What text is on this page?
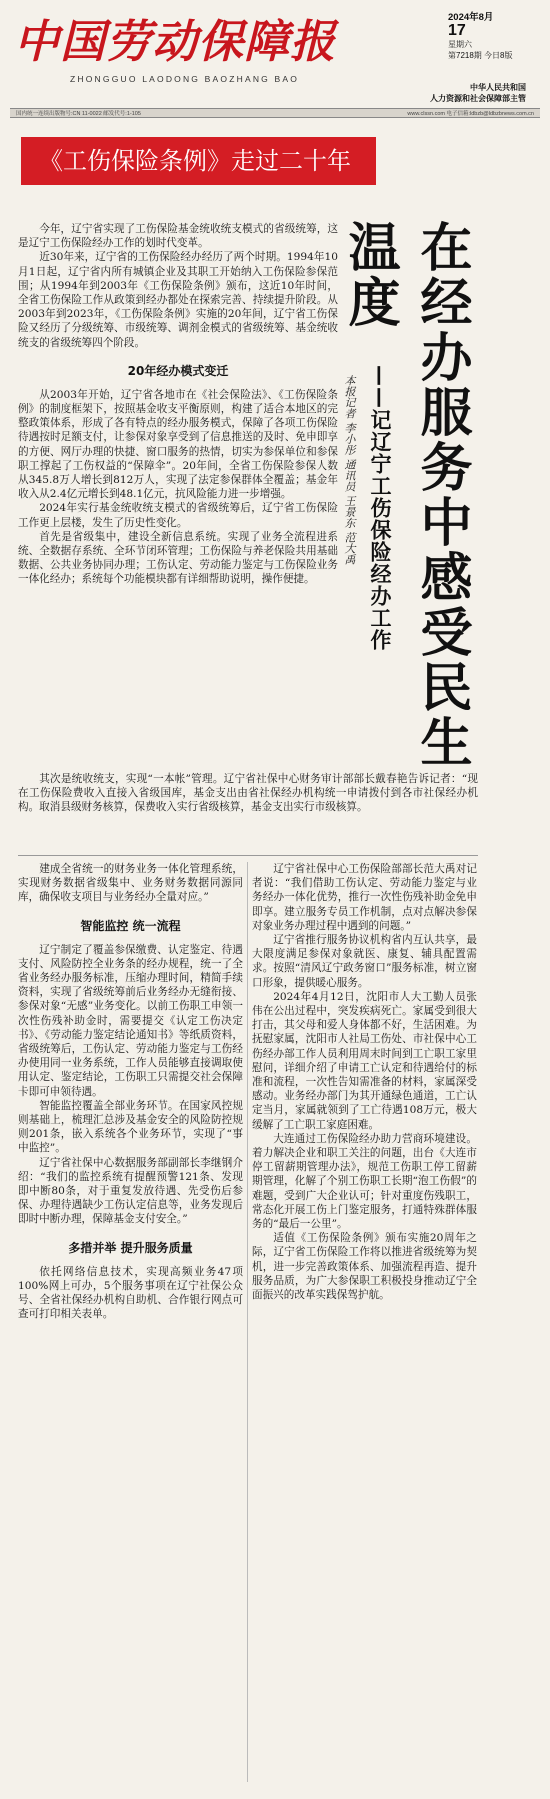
中国劳动保障报
ZHONGGUO LAODONG BAOZHANG BAO
2024年8月
17
星期六
第7218期 今日8版
中华人民共和国
人力资源和社会保障部主管
国内统一连续出版物号:CN 11-0022 邮发代号:1-105	www.clssn.com 电子信箱:ldbzb@ldbzbnews.com.cn
《工伤保险条例》走过二十年
在经办服务中感受民生温度
——记辽宁工伤保险经办工作
本报记者 李小彤 通讯员 王景东 范大禹

今年，辽宁省实现了工伤保险基金统收统支模式的省级统筹，这是辽宁工伤保险经办工作的划时代变革。

近30年来，辽宁省的工伤保险经办经历了两个时期。1994年10月1日起，辽宁省内所有城镇企业及其职工开始纳入工伤保险参保范围；从1994年到2003年《工伤保险条例》颁布，这近10年时间，全省工伤保险工作从政策到经办都处在探索完善、持续提升阶段。从2003年到2023年，《工伤保险条例》实施的20年间，辽宁省工伤保险又经历了分级统筹、市级统筹、调剂金模式的省级统筹、基金统收统支的省级统筹四个阶段。

20年经办模式变迁

从2003年开始，辽宁省各地市在《社会保险法》、《工伤保险条例》的制度框架下，按照基金收支平衡原则，构建了适合本地区的完整政策体系，形成了各有特点的经办服务模式，保障了各项工伤保险待遇按时足额支付，让参保对象享受到了信息推送的及时、免申即享的方便、网厅办理的快捷、窗口服务的热情，切实为参保单位和参保职工撑起了工伤权益的“保障伞”。20年间，全省工伤保险参保人数从345.8万人增长到812万人，实现了法定参保群体全覆盖；基金年收入从2.4亿元增长到48.1亿元，抗风险能力进一步增强。

2024年实行基金统收统支模式的省级统筹后，辽宁省工伤保险工作更上层楼，发生了历史性变化。

首先是省级集中，建设全新信息系统。实现了业务全流程进系统、全数据存系统、全环节闭环管理；工伤保险与养老保险共用基础数据、公共业务协同办理；工伤认定、劳动能力鉴定与工伤保险业务一体化经办；系统每个功能模块都有详细帮助说明，操作便捷。

其次是统收统支，实现“一本帐”管理。辽宁省社保中心财务审计部部长戴春艳告诉记者：“现在工伤保险费收入直接入省级国库，基金支出由省社保经办机构统一申请拨付到各市社保经办机构。取消县级财务核算，保费收入实行省级核算，基金支出实行市级核算。

建成全省统一的财务业务一体化管理系统，实现财务数据省级集中、业务财务数据同源同库，确保收支项目与业务经办全量对应。”

智能监控 统一流程

辽宁制定了覆盖参保缴费、认定鉴定、待遇支付、风险防控全业务条的经办规程，统一了全省业务经办服务标准，压缩办理时间，精简手续资料，实现了省级统筹前后业务经办无缝衔接、参保对象“无感”业务变化。以前工伤职工申领一次性伤残补助金时，需要提交《认定工伤决定书》、《劳动能力鉴定结论通知书》等纸质资料，省级统筹后，工伤认定、劳动能力鉴定与工伤经办使用同一业务系统，工作人员能够直接调取使用认定、鉴定结论，工伤职工只需提交社会保障卡即可申领待遇。

智能监控覆盖全部业务环节。在国家风控规则基础上，梳理汇总涉及基金安全的风险防控规则201条，嵌入系统各个业务环节，实现了“事中监控”。

辽宁省社保中心数据服务部副部长李继钢介绍：“我们的监控系统有提醒预警121条、发现即中断80条，对于重复发放待遇、先受伤后参保、办理待遇缺少工伤认定信息等，业务发现后即时中断办理，保障基金支付安全。”

多措并举 提升服务质量

依托网络信息技术，实现高频业务47项100%网上可办，5个服务事项在辽宁社保公众号、全省社保经办机构自助机、合作银行网点可查可打印相关表单。

辽宁省社保中心工伤保险部部长范大禹对记者说：“我们借助工伤认定、劳动能力鉴定与业务经办一体化优势，推行一次性伤残补助金免申即享。建立服务专员工作机制，点对点解决参保对象业务办理过程中遇到的问题。”

辽宁省推行服务协议机构省内互认共享，最大限度满足参保对象就医、康复、辅具配置需求。按照“清风辽宁政务窗口”服务标准，树立窗口形象，提供暖心服务。

2024年4月12日，沈阳市人大工勤人员张伟在公出过程中，突发疾病死亡。家属受到很大打击，其父母和爱人身体都不好，生活困难。为抚慰家属，沈阳市人社局工伤处、市社保中心工伤经办部工作人员利用周末时间到工亡职工家里慰问，详细介绍了申请工亡认定和待遇给付的标准和流程，一次性告知需准备的材料，家属深受感动。业务经办部门为其开通绿色通道，工亡认定当月，家属就领到了工亡待遇108万元，极大缓解了工亡职工家庭困难。

大连通过工伤保险经办助力营商环境建设。着力解决企业和职工关注的问题，出台《大连市停工留薪期管理办法》，规范工伤职工停工留薪期管理，化解了个别工伤职工长期“泡工伤假”的难题，受到广大企业认可；针对重度伤残职工，常态化开展工伤上门鉴定服务，打通特殊群体服务的“最后一公里”。

适值《工伤保险条例》颁布实施20周年之际，辽宁省工伤保险工作将以推进省级统筹为契机，进一步完善政策体系、加强流程再造、提升服务品质，为广大参保职工积极投身推动辽宁全面振兴的改革实践保驾护航。
